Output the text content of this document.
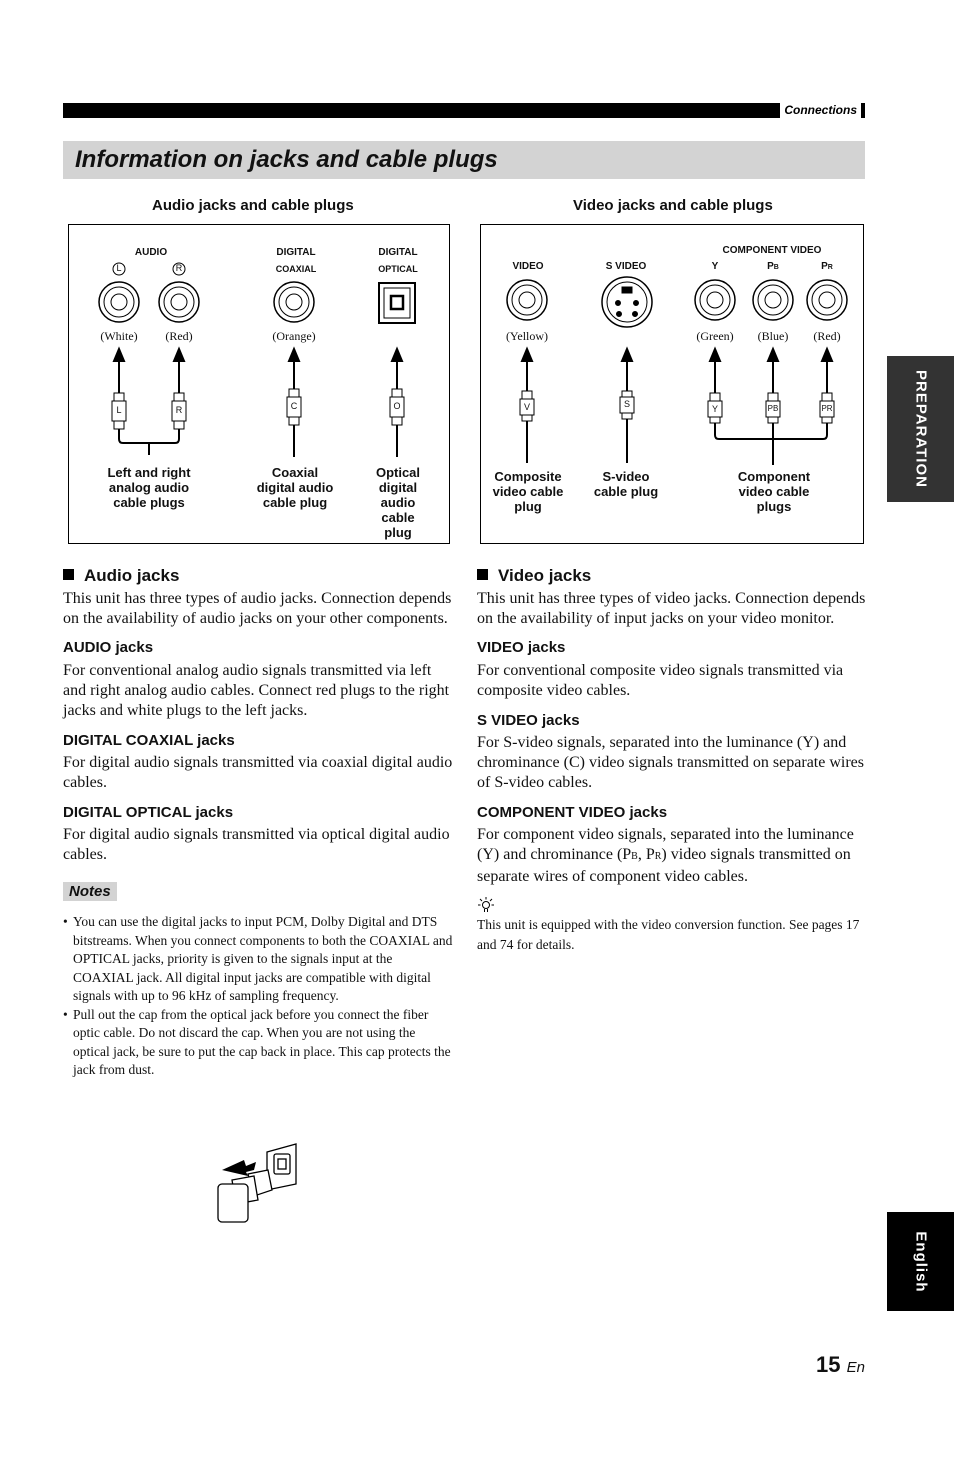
Connections
Information on jacks and cable plugs
PREPARATION
English
Audio jacks and cable plugs
AUDIO
L	R
DIGITAL
COAXIAL
DIGITAL
OPTICAL
(White) (Red)	(Orange)
L	R	C	O
Left and right
analog audio
cable plugs
Coaxial
digital audio
cable plug
Optical
digital
audio cable
plug
Video jacks and cable plugs
VIDEO	S VIDEO
COMPONENT VIDEO
Y	PB	PR
(Yellow)	(Green) (Blue) (Red)
V	S	Y	PB	PR
Composite
video cable
plug
S-video
cable plug
Component
video cable
plugs
Audio jacks

This unit has three types of audio jacks. Connection depends on the availability of audio jacks on your other components.

AUDIO jacks

For conventional analog audio signals transmitted via left and right analog audio cables. Connect red plugs to the right jacks and white plugs to the left jacks.

DIGITAL COAXIAL jacks

For digital audio signals transmitted via coaxial digital audio cables.

DIGITAL OPTICAL jacks

For digital audio signals transmitted via optical digital audio cables.

Notes
• You can use the digital jacks to input PCM, Dolby Digital and DTS bitstreams. When you connect components to both the COAXIAL and OPTICAL jacks, priority is given to the signals input at the COAXIAL jack. All digital input jacks are compatible with digital signals with up to 96 kHz of sampling frequency.
• Pull out the cap from the optical jack before you connect the fiber optic cable. Do not discard the cap. When you are not using the optical jack, be sure to put the cap back in place. This cap protects the jack from dust.
Video jacks

This unit has three types of video jacks. Connection depends on the availability of input jacks on your video monitor.

VIDEO jacks

For conventional composite video signals transmitted via composite video cables.

S VIDEO jacks

For S-video signals, separated into the luminance (Y) and chrominance (C) video signals transmitted on separate wires of S-video cables.

COMPONENT VIDEO jacks

For component video signals, separated into the luminance (Y) and chrominance (PB, PR) video signals transmitted on separate wires of component video cables.

This unit is equipped with the video conversion function. See pages 17 and 74 for details.

15 En
